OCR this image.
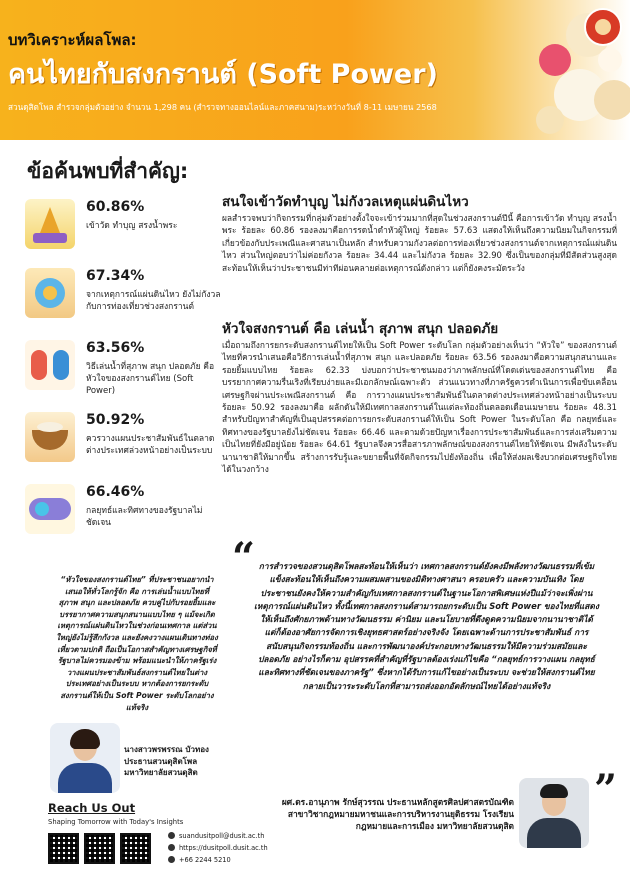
บทวิเคราะห์ผลโพล:
คนไทยกับสงกรานต์ (Soft Power)
สวนดุสิตโพล สำรวจกลุ่มตัวอย่าง จำนวน 1,298 คน (สำรวจทางออนไลน์และภาคสนาม)ระหว่างวันที่ 8-11 เมษายน 2568
ข้อค้นพบที่สำคัญ:
60.86%
เข้าวัด ทำบุญ สรงน้ำพระ
67.34%
จากเหตุการณ์แผ่นดินไหว ยังไม่กังวลกับการท่องเที่ยวช่วงสงกรานต์
63.56%
วิธีเล่นน้ำที่สุภาพ สนุก ปลอดภัย คือ หัวใจของสงกรานต์ไทย (Soft Power)
50.92%
ควรวางแผนประชาสัมพันธ์ในตลาดต่างประเทศล่วงหน้าอย่างเป็นระบบ
66.46%
กลยุทธ์และทิศทางของรัฐบาลไม่ชัดเจน
สนใจเข้าวัดทำบุญ ไม่กังวลเหตุแผ่นดินไหว
ผลสำรวจพบว่ากิจกรรมที่กลุ่มตัวอย่างตั้งใจจะเข้าร่วมมากที่สุดในช่วงสงกรานต์ปีนี้ คือการเข้าวัด ทำบุญ สรงน้ำพระ ร้อยละ 60.86 รองลงมาคือการรดน้ำดำหัวผู้ใหญ่ ร้อยละ 57.63 แสดงให้เห็นถึงความนิยมในกิจกรรมที่เกี่ยวข้องกับประเพณีและศาสนาเป็นหลัก สำหรับความกังวลต่อการท่องเที่ยวช่วงสงกรานต์จากเหตุการณ์แผ่นดินไหว ส่วนใหญ่ตอบว่าไม่ค่อยกังวล ร้อยละ 34.44 และไม่กังวล ร้อยละ 32.90 ซึ่งเป็นของกลุ่มที่มีสัดส่วนสูงสุด สะท้อนให้เห็นว่าประชาชนมีท่าทีผ่อนคลายต่อเหตุการณ์ดังกล่าว แต่ก็ยังคงระมัดระวัง
หัวใจสงกรานต์ คือ เล่นน้ำ สุภาพ สนุก ปลอดภัย
เมื่อถามถึงการยกระดับสงกรานต์ไทยให้เป็น Soft Power ระดับโลก กลุ่มตัวอย่างเห็นว่า “หัวใจ” ของสงกรานต์ไทยที่ควรนำเสนอคือวิธีการเล่นน้ำที่สุภาพ สนุก และปลอดภัย ร้อยละ 63.56 รองลงมาคือความสนุกสนานและรอยยิ้มแบบไทย ร้อยละ 62.33 บ่งบอกว่าประชาชนมองว่าภาพลักษณ์ที่โดดเด่นของสงกรานต์ไทย คือ บรรยากาศความรื่นเริงที่เรียบง่ายและมีเอกลักษณ์เฉพาะตัว ส่วนแนวทางที่ภาครัฐควรดำเนินการเพื่อขับเคลื่อนเศรษฐกิจผ่านประเพณีสงกรานต์ คือ การวางแผนประชาสัมพันธ์ในตลาดต่างประเทศล่วงหน้าอย่างเป็นระบบ ร้อยละ 50.92 รองลงมาคือ ผลักดันให้มีเทศกาลสงกรานต์ในแต่ละท้องถิ่นตลอดเดือนเมษายน ร้อยละ 48.31 สำหรับปัญหาสำคัญที่เป็นอุปสรรคต่อการยกระดับสงกรานต์ให้เป็น Soft Power ในระดับโลก คือ กลยุทธ์และทิศทางของรัฐบาลยังไม่ชัดเจน ร้อยละ 66.46 และตามด้วยปัญหาเรื่องการประชาสัมพันธ์และการส่งเสริมความเป็นไทยที่ยังมีอยู่น้อย ร้อยละ 64.61 รัฐบาลจึงควรสื่อสารภาพลักษณ์ของสงกรานต์ไทยให้ชัดเจน มีพลังในระดับนานาชาติให้มากขึ้น สร้างการรับรู้และขยายพื้นที่จัดกิจกรรมไปยังท้องถิ่น เพื่อให้ส่งผลเชิงบวกต่อเศรษฐกิจไทยได้ในวงกว้าง
“หัวใจของสงกรานต์ไทย” ที่ประชาชนอยากนำเสนอให้ทั่วโลกรู้จัก คือ การเล่นน้ำแบบไทยที่สุภาพ สนุก และปลอดภัย ควบคู่ไปกับรอยยิ้มและบรรยากาศความสนุกสนานแบบไทย ๆ แม้จะเกิดเหตุการณ์แผ่นดินไหวในช่วงก่อนเทศกาล แต่ส่วนใหญ่ยังไม่รู้สึกกังวล และยังคงวางแผนเดินทางท่องเที่ยวตามปกติ ถือเป็นโอกาสสำคัญทางเศรษฐกิจที่รัฐบาลไม่ควรมองข้าม พร้อมแนะนำให้ภาครัฐเร่งวางแผนประชาสัมพันธ์สงกรานต์ไทยในต่างประเทศอย่างเป็นระบบ หากต้องการยกระดับสงกรานต์ให้เป็น Soft Power ระดับโลกอย่างแท้จริง
นางสาวพรพรรณ บัวทอง ประธานสวนดุสิตโพล มหาวิทยาลัยสวนดุสิต
“ การสำรวจของสวนดุสิตโพลสะท้อนให้เห็นว่า เทศกาลสงกรานต์ยังคงมีพลังทางวัฒนธรรมที่เข้มแข็งสะท้อนให้เห็นถึงความผสมผสานของมิติทางศาสนา ครอบครัว และความบันเทิง โดยประชาชนยังคงให้ความสำคัญกับเทศกาลสงกรานต์ในฐานะโอกาสพิเศษแห่งปีแม้ว่าจะเพิ่งผ่านเหตุการณ์แผ่นดินไหว ทั้งนี้เทศกาลสงกรานต์สามารถยกระดับเป็น Soft Power ของไทยที่แสดงให้เห็นถึงศักยภาพด้านทางวัฒนธรรม ค่านิยม และนโยบายที่ดึงดูดความนิยมจากนานาชาติได้ แต่ก็ต้องอาศัยการจัดการเชิงยุทธศาสตร์อย่างจริงจัง โดยเฉพาะด้านการประชาสัมพันธ์ การสนับสนุนกิจกรรมท้องถิ่น และการพัฒนาองค์ประกอบทางวัฒนธรรมให้มีความร่วมสมัยและปลอดภัย อย่างไรก็ตาม อุปสรรคที่สำคัญที่รัฐบาลต้องเร่งแก้ไขคือ “กลยุทธ์การวางแผน กลยุทธ์และทิศทางที่ชัดเจนของภาครัฐ” ซึ่งหากได้รับการแก้ไขอย่างเป็นระบบ จะช่วยให้สงกรานต์ไทยกลายเป็นวาระระดับโลกที่สามารถส่งออกอัตลักษณ์ไทยได้อย่างแท้จริง
”
ผศ.ดร.อานุภาพ รักษ์สุวรรณ ประธานหลักสูตรศิลปศาสตรบัณฑิต สาขาวิชากฎหมายมหาชนและการบริหารงานยุติธรรม โรงเรียนกฎหมายและการเมือง มหาวิทยาลัยสวนดุสิต
Reach Us Out
Shaping Tomorrow with Today's Insights
suandusitpoll@dusit.ac.th
https://dusitpoll.dusit.ac.th
+66 2244 5210
